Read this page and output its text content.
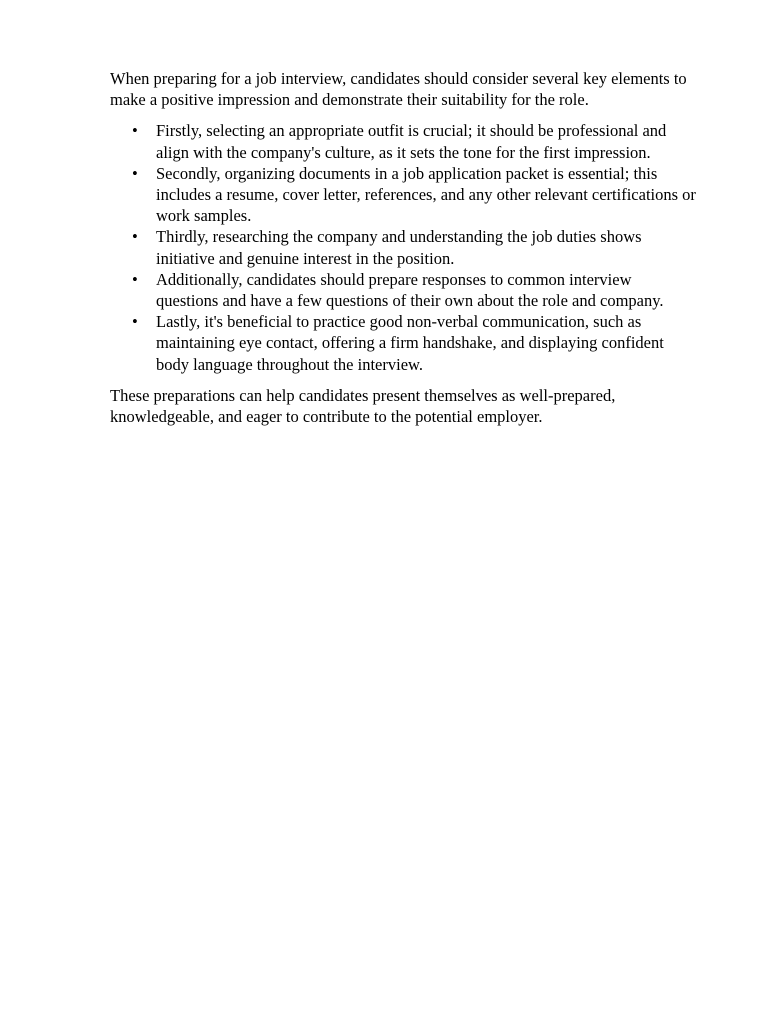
When preparing for a job interview, candidates should consider several key elements to make a positive impression and demonstrate their suitability for the role.

•	Firstly, selecting an appropriate outfit is crucial; it should be professional and align with the company's culture, as it sets the tone for the first impression.
•	Secondly, organizing documents in a job application packet is essential; this includes a resume, cover letter, references, and any other relevant certifications or work samples.
•	Thirdly, researching the company and understanding the job duties shows initiative and genuine interest in the position.
•	Additionally, candidates should prepare responses to common interview questions and have a few questions of their own about the role and company.
•	Lastly, it's beneficial to practice good non-verbal communication, such as maintaining eye contact, offering a firm handshake, and displaying confident body language throughout the interview.

These preparations can help candidates present themselves as well-prepared, knowledgeable, and eager to contribute to the potential employer.
